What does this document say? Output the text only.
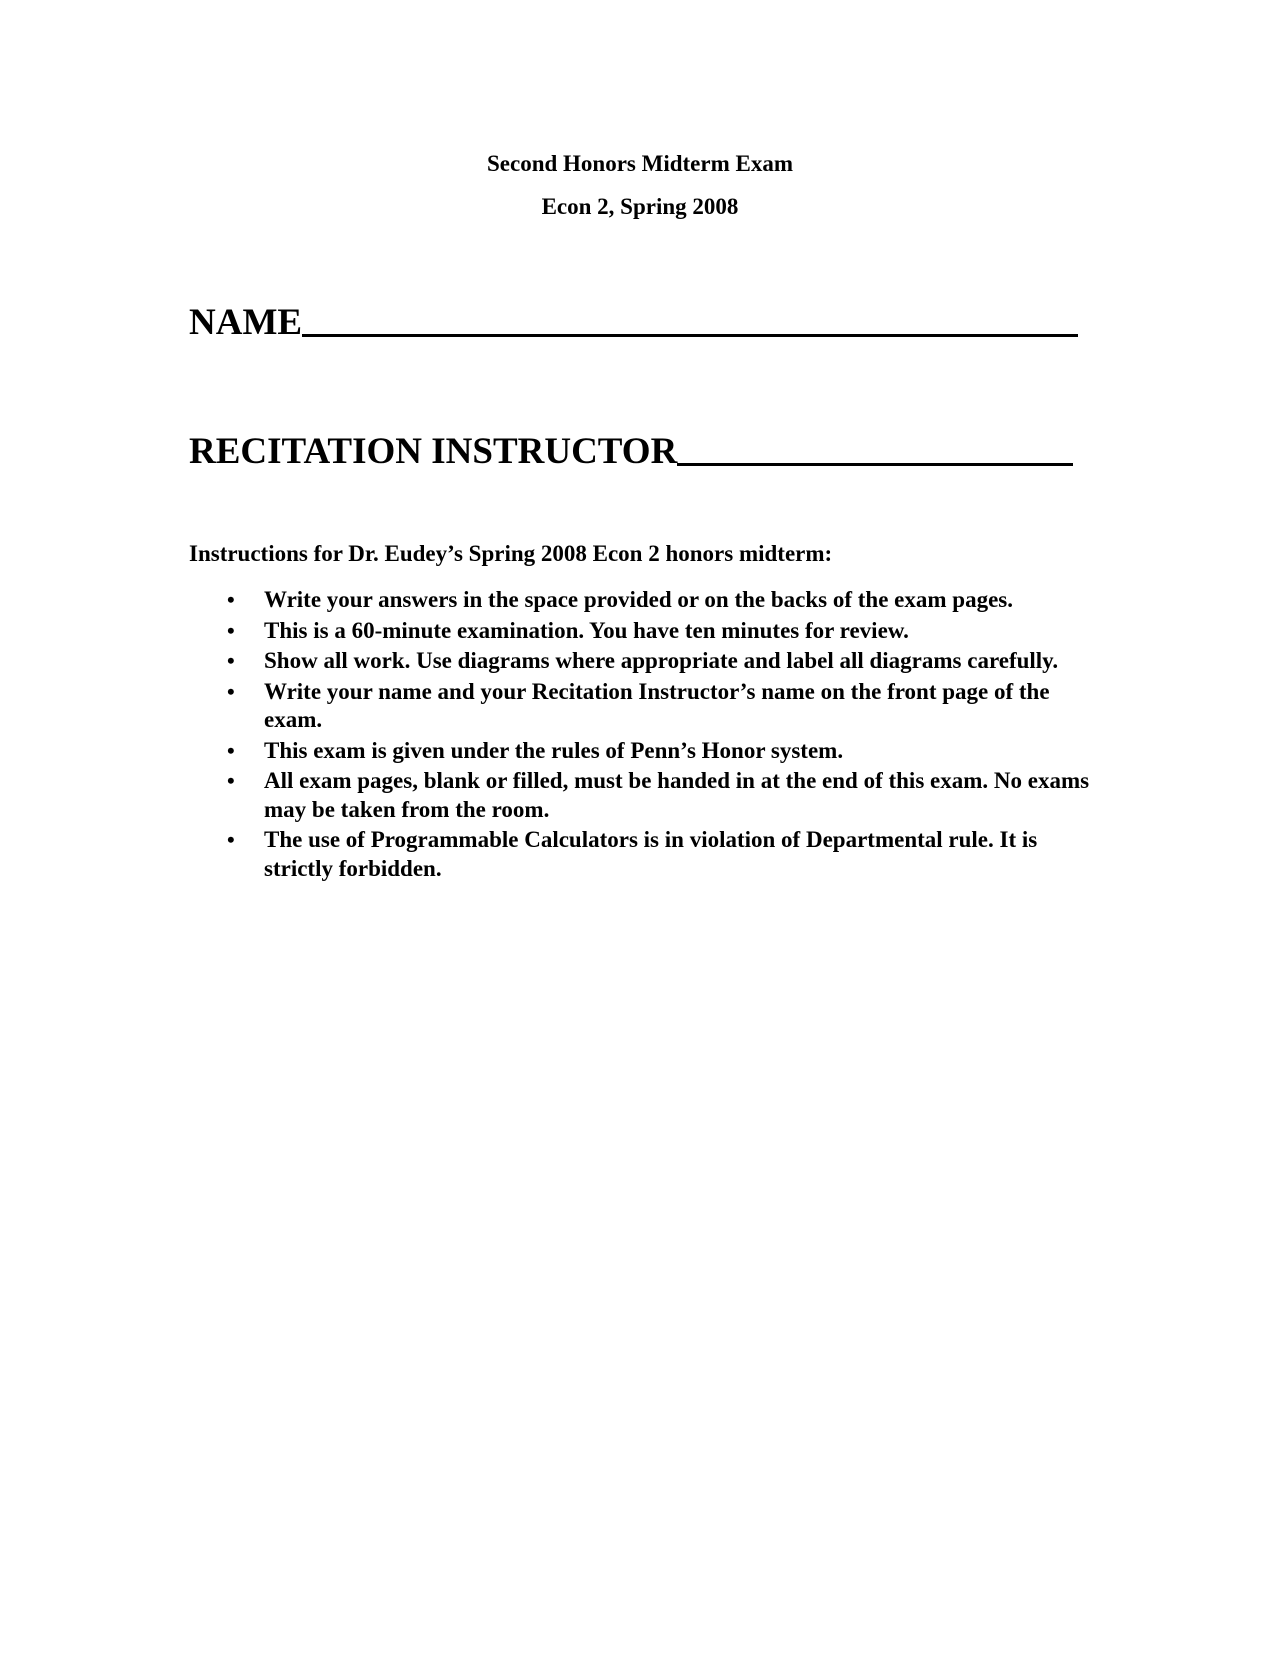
Second Honors Midterm Exam
Econ 2, Spring 2008
NAME
RECITATION INSTRUCTOR

Instructions for Dr. Eudey’s Spring 2008 Econ 2 honors midterm:

• Write your answers in the space provided or on the backs of the exam pages.
• This is a 60-minute examination. You have ten minutes for review.
• Show all work. Use diagrams where appropriate and label all diagrams carefully.
• Write your name and your Recitation Instructor’s name on the front page of the exam.
• This exam is given under the rules of Penn’s Honor system.
• All exam pages, blank or filled, must be handed in at the end of this exam. No exams may be taken from the room.
• The use of Programmable Calculators is in violation of Departmental rule. It is strictly forbidden.
